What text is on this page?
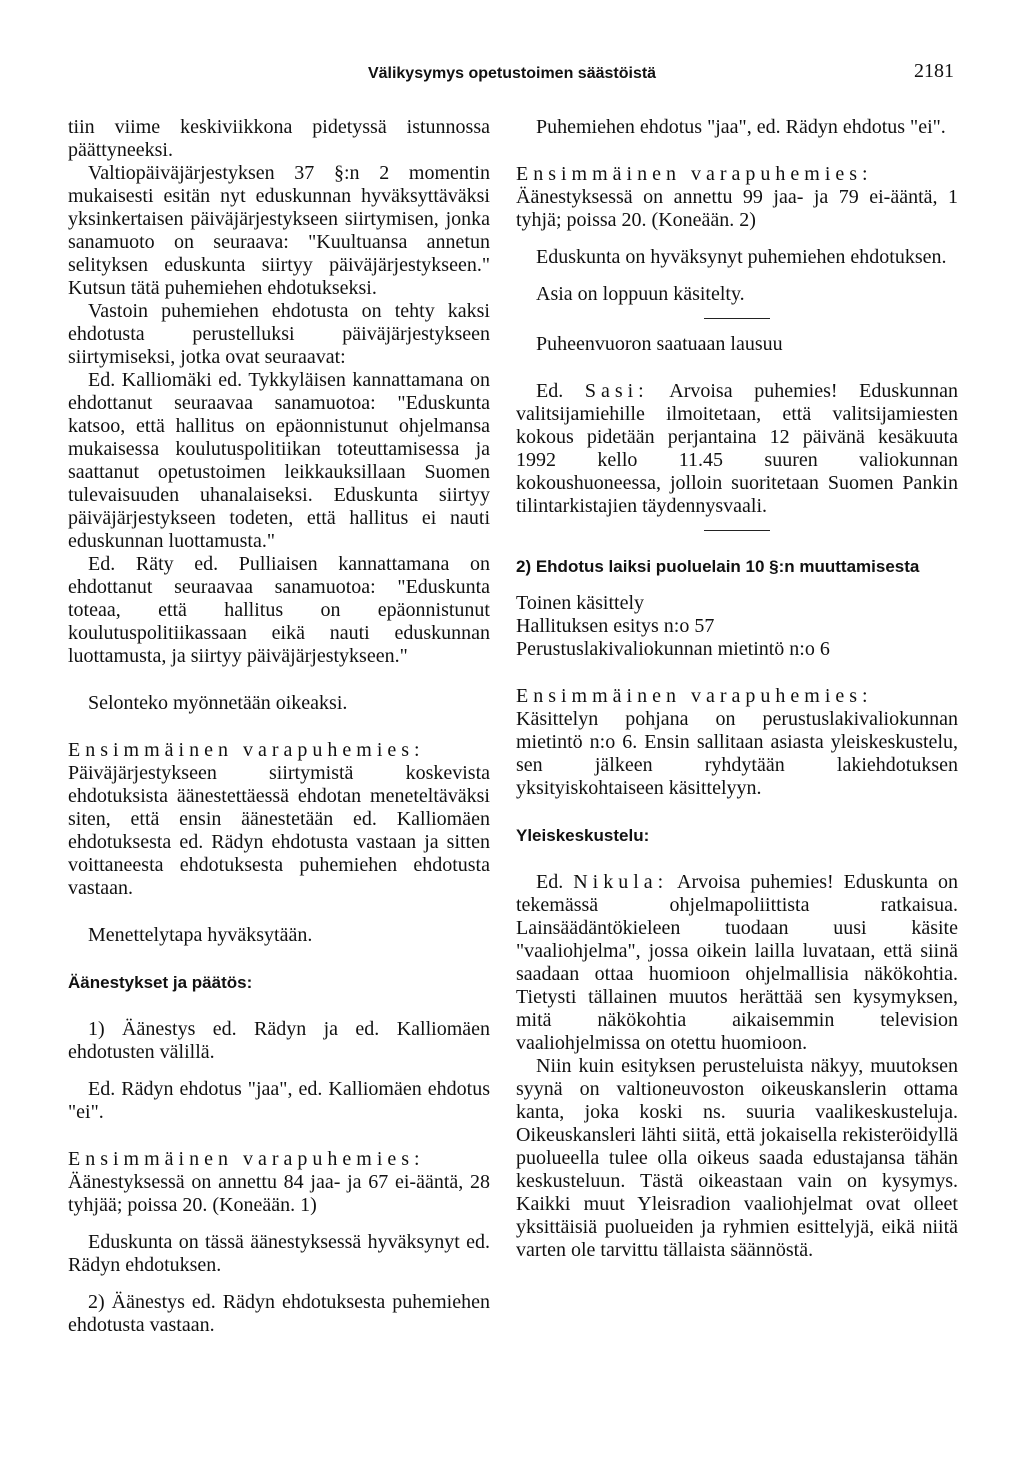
Välikysymys opetustoimen säästöistä	2181

tiin viime keskiviikkona pidetyssä istunnossa päättyneeksi.

Valtiopäiväjärjestyksen 37 §:n 2 momentin mukaisesti esitän nyt eduskunnan hyväksyttäväksi yksinkertaisen päiväjärjestykseen siirtymisen, jonka sanamuoto on seuraava: "Kuultuansa annetun selityksen eduskunta siirtyy päiväjärjestykseen." Kutsun tätä puhemiehen ehdotukseksi.

Vastoin puhemiehen ehdotusta on tehty kaksi ehdotusta perustelluksi päiväjärjestykseen siirtymiseksi, jotka ovat seuraavat:

Ed. Kalliomäki ed. Tykkyläisen kannattamana on ehdottanut seuraavaa sanamuotoa: "Eduskunta katsoo, että hallitus on epäonnistunut ohjelmansa mukaisessa koulutuspolitiikan toteuttamisessa ja saattanut opetustoimen leikkauksillaan Suomen tulevaisuuden uhanalaiseksi. Eduskunta siirtyy päiväjärjestykseen todeten, että hallitus ei nauti eduskunnan luottamusta."

Ed. Räty ed. Pulliaisen kannattamana on ehdottanut seuraavaa sanamuotoa: "Eduskunta toteaa, että hallitus on epäonnistunut koulutuspolitiikassaan eikä nauti eduskunnan luottamusta, ja siirtyy päiväjärjestykseen."

Selonteko myönnetään oikeaksi.

Ensimmäinen varapuhemies:

Päiväjärjestykseen siirtymistä koskevista ehdotuksista äänestettäessä ehdotan meneteltäväksi siten, että ensin äänestetään ed. Kalliomäen ehdotuksesta ed. Rädyn ehdotusta vastaan ja sitten voittaneesta ehdotuksesta puhemiehen ehdotusta vastaan.

Menettelytapa hyväksytään.

Äänestykset ja päätös:

1) Äänestys ed. Rädyn ja ed. Kalliomäen ehdotusten välillä.

Ed. Rädyn ehdotus "jaa", ed. Kalliomäen ehdotus "ei".

Ensimmäinen varapuhemies:

Äänestyksessä on annettu 84 jaa- ja 67 ei-ääntä, 28 tyhjää; poissa 20. (Koneään. 1)

Eduskunta on tässä äänestyksessä hyväksynyt ed. Rädyn ehdotuksen.

2) Äänestys ed. Rädyn ehdotuksesta puhemiehen ehdotusta vastaan.

Puhemiehen ehdotus "jaa", ed. Rädyn ehdotus "ei".

Ensimmäinen varapuhemies:

Äänestyksessä on annettu 99 jaa- ja 79 ei-ääntä, 1 tyhjä; poissa 20. (Koneään. 2)

Eduskunta on hyväksynyt puhemiehen ehdotuksen.

Asia on loppuun käsitelty.

Puheenvuoron saatuaan lausuu

Ed. Sasi: Arvoisa puhemies! Eduskunnan valitsijamiehille ilmoitetaan, että valitsijamiesten kokous pidetään perjantaina 12 päivänä kesäkuuta 1992 kello 11.45 suuren valiokunnan kokoushuoneessa, jolloin suoritetaan Suomen Pankin tilintarkistajien täydennysvaali.

2) Ehdotus laiksi puoluelain 10 §:n muuttamisesta

Toinen käsittely

Hallituksen esitys n:o 57

Perustuslakivaliokunnan mietintö n:o 6

Ensimmäinen varapuhemies:

Käsittelyn pohjana on perustuslakivaliokunnan mietintö n:o 6. Ensin sallitaan asiasta yleiskeskustelu, sen jälkeen ryhdytään lakiehdotuksen yksityiskohtaiseen käsittelyyn.

Yleiskeskustelu:

Ed. Nikula: Arvoisa puhemies! Eduskunta on tekemässä ohjelmapoliittista ratkaisua. Lainsäädäntökieleen tuodaan uusi käsite "vaaliohjelma", jossa oikein lailla luvataan, että siinä saadaan ottaa huomioon ohjelmallisia näkökohtia. Tietysti tällainen muutos herättää sen kysymyksen, mitä näkökohtia aikaisemmin television vaaliohjelmissa on otettu huomioon.

Niin kuin esityksen perusteluista näkyy, muutoksen syynä on valtioneuvoston oikeuskanslerin ottama kanta, joka koski ns. suuria vaalikeskusteluja. Oikeuskansleri lähti siitä, että jokaisella rekisteröidyllä puolueella tulee olla oikeus saada edustajansa tähän keskusteluun. Tästä oikeastaan vain on kysymys. Kaikki muut Yleisradion vaaliohjelmat ovat olleet yksittäisiä puolueiden ja ryhmien esittelyjä, eikä niitä varten ole tarvittu tällaista säännöstä.
